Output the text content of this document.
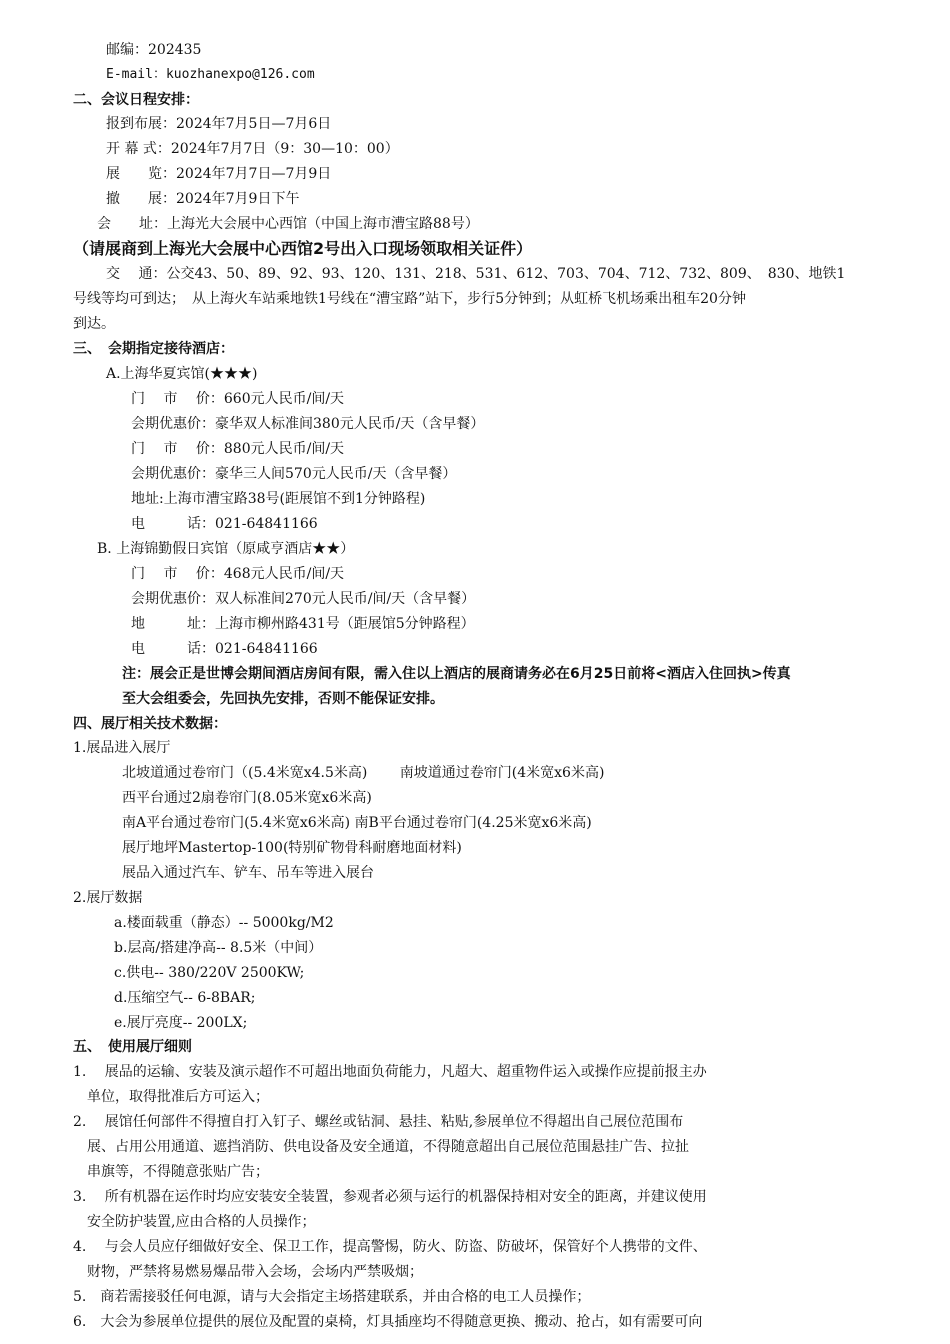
邮编：202435
E-mail：kuozhanexpo@126.com
二、会议日程安排：
报到布展：2024年7月5日—7月6日
开 幕 式：2024年7月7日（9：30—10：00）
展　　览：2024年7月7日—7月9日
撤　　展：2024年7月9日下午
会　　址：上海光大会展中心西馆（中国上海市漕宝路88号）
（请展商到上海光大会展中心西馆2号出入口现场领取相关证件）
交　 通：公交43、50、89、92、93、120、131、218、531、612、703、704、712、732、809、　830、地铁1
号线等均可到达；　从上海火车站乘地铁1号线在“漕宝路”站下，步行5分钟到；从虹桥飞机场乘出租车20分钟
到达。
三、　会期指定接待酒店：
A.上海华夏宾馆(★★★)
门　 市　 价：660元人民币/间/天
会期优惠价：豪华双人标准间380元人民币/天（含早餐）
门　 市　 价：880元人民币/间/天
会期优惠价：豪华三人间570元人民币/天（含早餐）
地址:上海市漕宝路38号(距展馆不到1分钟路程)
电　　　话：021-64841166
B. 上海锦勤假日宾馆（原咸亨酒店★★）
门　 市　 价：468元人民币/间/天
会期优惠价：双人标准间270元人民币/间/天（含早餐）
地　　　址：上海市柳州路431号（距展馆5分钟路程）
电　　　话：021-64841166
注：展会正是世博会期间酒店房间有限，需入住以上酒店的展商请务必在6月25日前将<酒店入住回执>传真
至大会组委会，先回执先安排，否则不能保证安排。
四、展厅相关技术数据：
1.展品进入展厅
北坡道通过卷帘门（(5.4米宽x4.5米高)　　 南坡道通过卷帘门(4米宽x6米高)
西平台通过2扇卷帘门(8.05米宽x6米高)
南A平台通过卷帘门(5.4米宽x6米高) 南B平台通过卷帘门(4.25米宽x6米高)
展厅地坪Mastertop-100(特别矿物骨科耐磨地面材料)
展品入通过汽车、铲车、吊车等进入展台
2.展厅数据
a.楼面载重（静态）-- 5000kg/M2
b.层高/搭建净高-- 8.5米（中间）
c.供电-- 380/220V 2500KW;
d.压缩空气-- 6-8BAR;
e.展厅亮度-- 200LX;
五、　使用展厅细则
1.　 展品的运输、安装及演示超作不可超出地面负荷能力，凡超大、超重物件运入或操作应提前报主办
　单位，取得批准后方可运入；
2.　 展馆任何部件不得擅自打入钉子、螺丝或钻洞、悬挂、粘贴,参展单位不得超出自己展位范围布
　展、占用公用通道、遮挡消防、供电设备及安全通道，不得随意超出自己展位范围悬挂广告、拉扯
　串旗等，不得随意张贴广告；
3.　 所有机器在运作时均应安装安全装置，参观者必须与运行的机器保持相对安全的距离，并建议使用
　安全防护装置,应由合格的人员操作；
4.　 与会人员应仔细做好安全、保卫工作，提高警惕，防火、防盗、防破坏，保管好个人携带的文件、
　财物，严禁将易燃易爆品带入会场，会场内严禁吸烟；
5.　商若需接驳任何电源，请与大会指定主场搭建联系，并由合格的电工人员操作；
6.　大会为参展单位提供的展位及配置的桌椅，灯具插座均不得随意更换、搬动、抢占，如有需要可向
